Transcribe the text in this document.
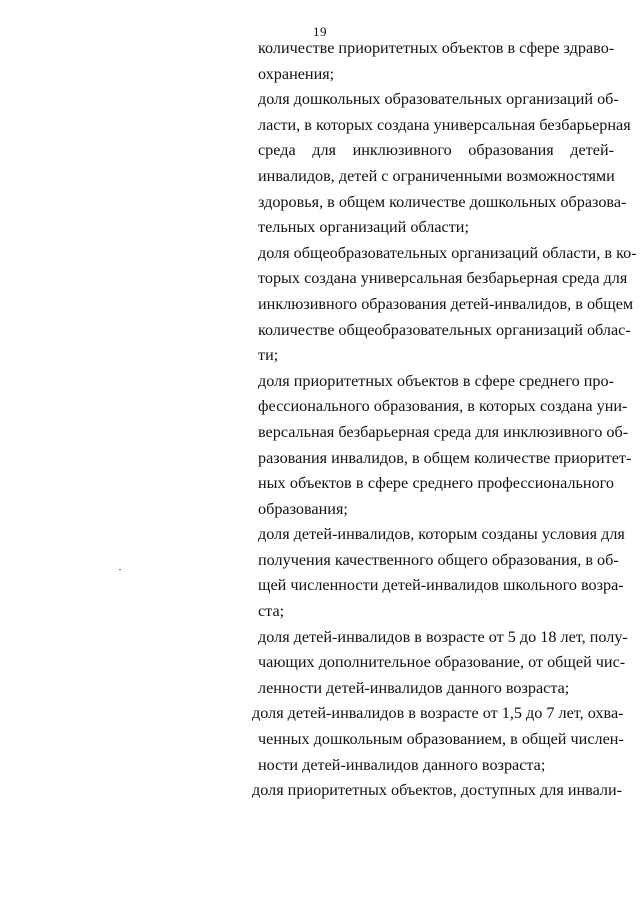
19
количестве приоритетных объектов в сфере здраво-
охранения;
доля дошкольных образовательных организаций об-
ласти, в которых создана универсальная безбарьерная
среда для инклюзивного образования детей-
инвалидов, детей с ограниченными возможностями
здоровья, в общем количестве дошкольных образова-
тельных организаций области;
доля общеобразовательных организаций области, в ко-
торых создана универсальная безбарьерная среда для
инклюзивного образования детей-инвалидов, в общем
количестве общеобразовательных организаций облас-
ти;
доля приоритетных объектов в сфере среднего про-
фессионального образования, в которых создана уни-
версальная безбарьерная среда для инклюзивного об-
разования инвалидов, в общем количестве приоритет-
ных объектов в сфере среднего профессионального
образования;
доля детей-инвалидов, которым созданы условия для
получения качественного общего образования, в об-
щей численности детей-инвалидов школьного возра-
ста;
доля детей-инвалидов в возрасте от 5 до 18 лет, полу-
чающих дополнительное образование, от общей чис-
ленности детей-инвалидов данного возраста;
доля детей-инвалидов в возрасте от 1,5 до 7 лет, охва-
ченных дошкольным образованием, в общей числен-
ности детей-инвалидов данного возраста;
доля приоритетных объектов, доступных для инвали-
